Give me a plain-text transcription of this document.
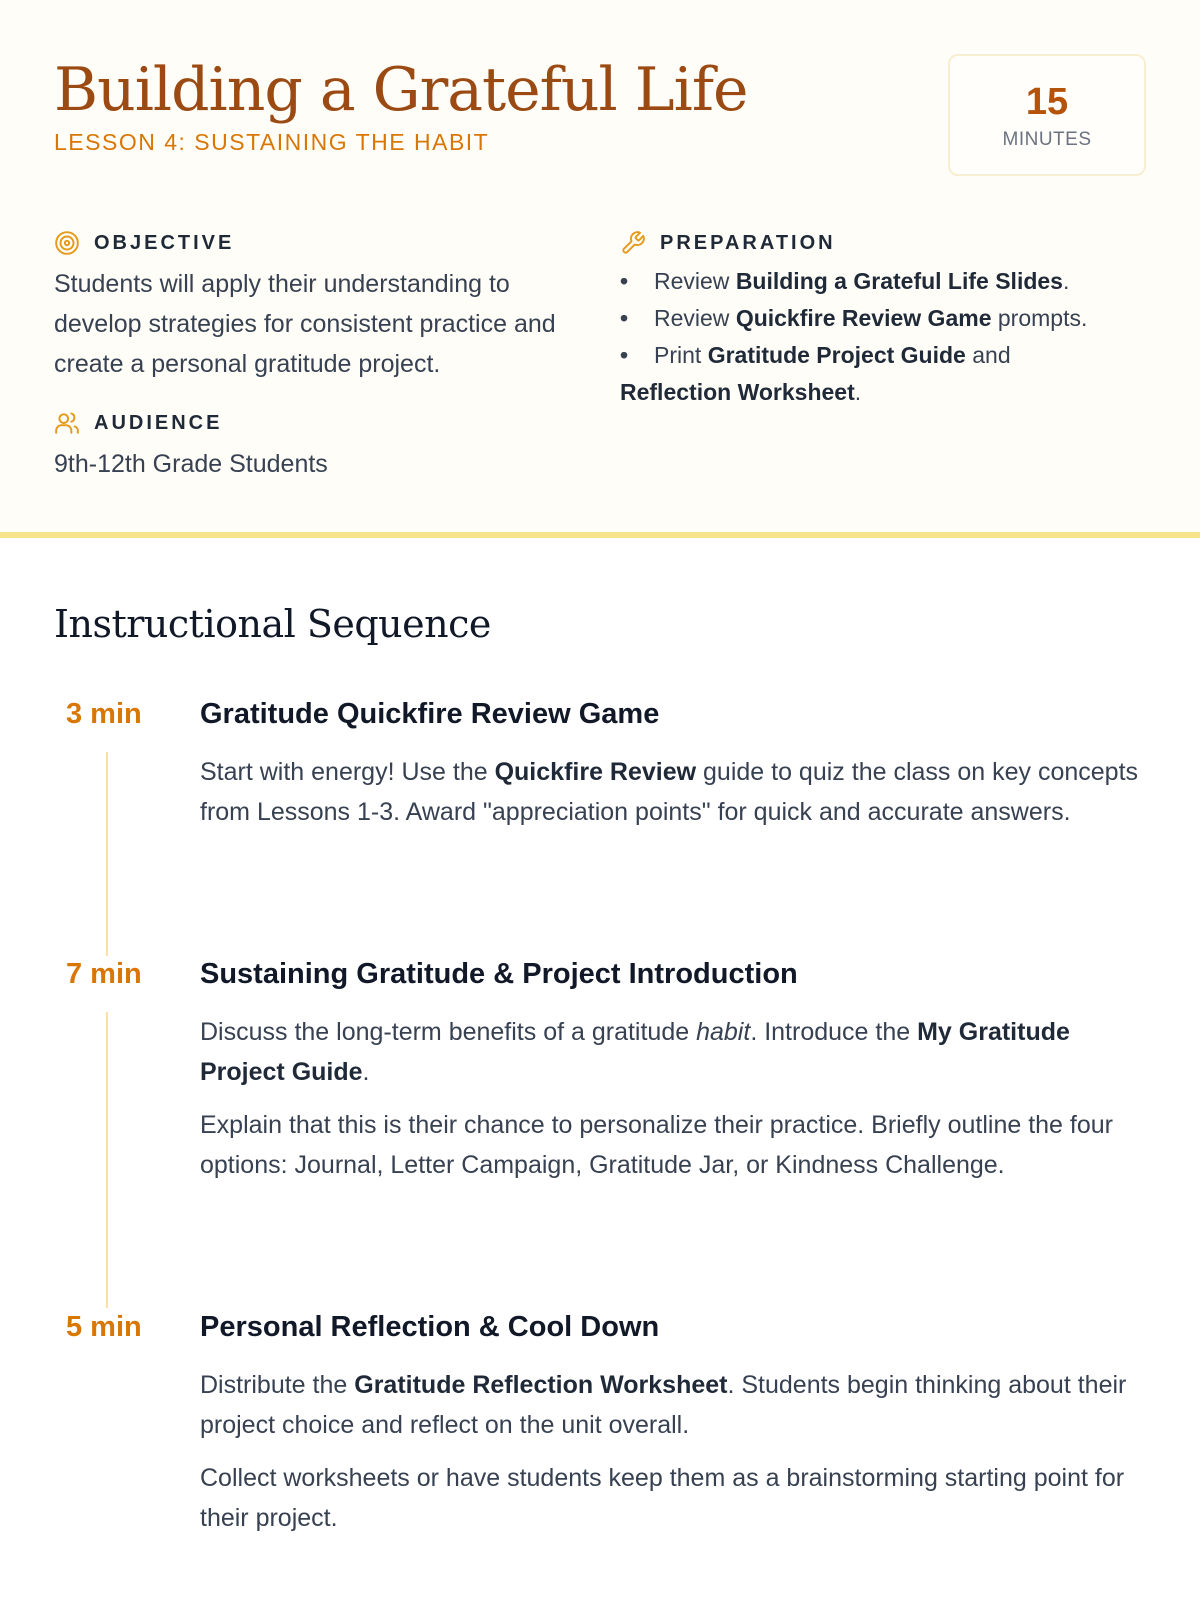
Building a Grateful Life
LESSON 4: SUSTAINING THE HABIT
15
MINUTES
OBJECTIVE

Students will apply their understanding to develop strategies for consistent practice and create a personal gratitude project.

AUDIENCE

9th-12th Grade Students

PREPARATION
• Review Building a Grateful Life Slides.
• Review Quickfire Review Game prompts.
• Print Gratitude Project Guide and
Reflection Worksheet.
Instructional Sequence
3 min	Gratitude Quickfire Review Game

Start with energy! Use the Quickfire Review guide to quiz the class on key concepts from Lessons 1-3. Award "appreciation points" for quick and accurate answers.

7 min	Sustaining Gratitude & Project Introduction

Discuss the long-term benefits of a gratitude habit. Introduce the My Gratitude Project Guide.

Explain that this is their chance to personalize their practice. Briefly outline the four options: Journal, Letter Campaign, Gratitude Jar, or Kindness Challenge.

5 min	Personal Reflection & Cool Down

Distribute the Gratitude Reflection Worksheet. Students begin thinking about their project choice and reflect on the unit overall.

Collect worksheets or have students keep them as a brainstorming starting point for their project.
